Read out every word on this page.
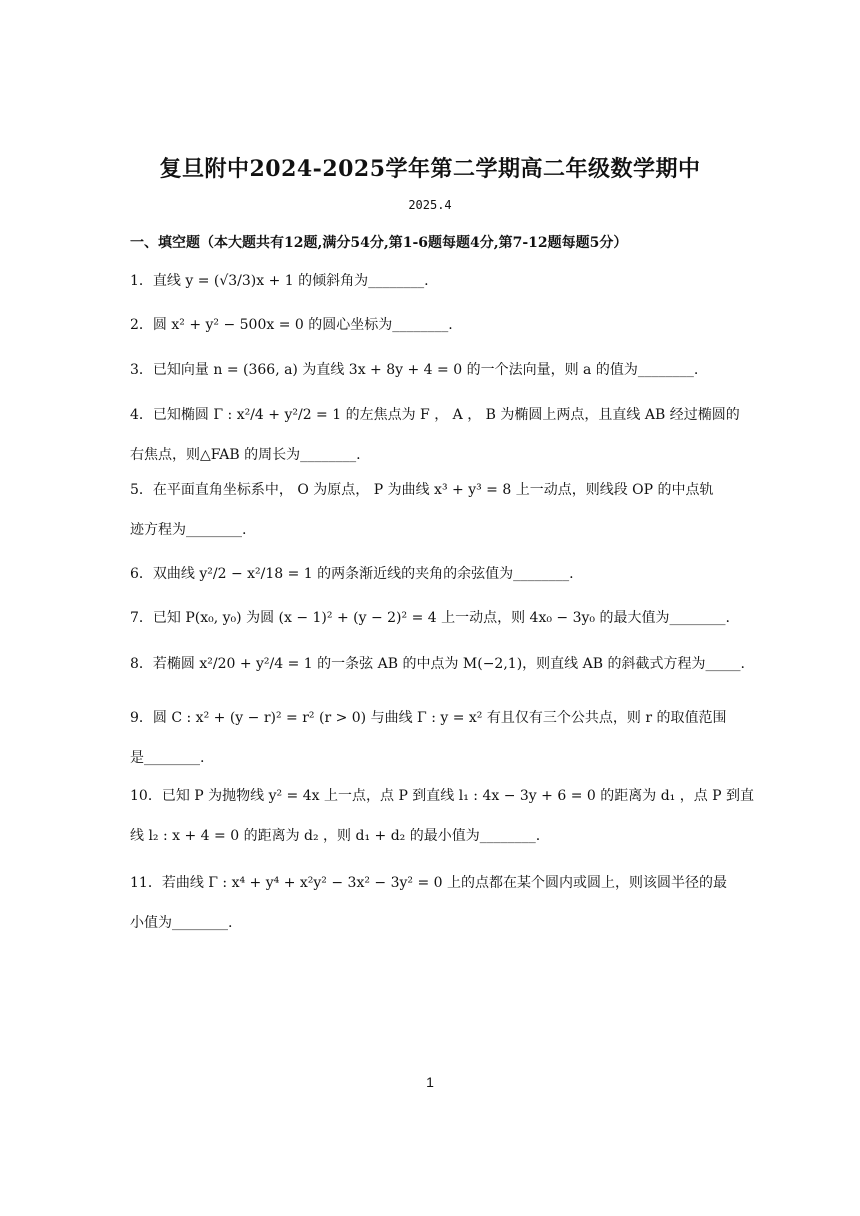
复旦附中2024-2025学年第二学期高二年级数学期中
2025.4
一、填空题（本大题共有12题,满分54分,第1-6题每题4分,第7-12题每题5分）
1．直线 y = (√3/3)x + 1 的倾斜角为________.
2．圆 x² + y² − 500x = 0 的圆心坐标为________.
3．已知向量 n = (366, a) 为直线 3x + 8y + 4 = 0 的一个法向量，则 a 的值为________.
4．已知椭圆 Γ : x²/4 + y²/2 = 1 的左焦点为 F ， A ， B 为椭圆上两点，且直线 AB 经过椭圆的
右焦点，则△FAB 的周长为________.
5．在平面直角坐标系中， O 为原点， P 为曲线 x³ + y³ = 8 上一动点，则线段 OP 的中点轨
迹方程为________.
6．双曲线 y²/2 − x²/18 = 1 的两条渐近线的夹角的余弦值为________.
7．已知 P(x₀, y₀) 为圆 (x − 1)² + (y − 2)² = 4 上一动点，则 4x₀ − 3y₀ 的最大值为________.
8．若椭圆 x²/20 + y²/4 = 1 的一条弦 AB 的中点为 M(−2,1)，则直线 AB 的斜截式方程为_____.
9．圆 C : x² + (y − r)² = r² (r > 0) 与曲线 Γ : y = x² 有且仅有三个公共点，则 r 的取值范围
是________.
10．已知 P 为抛物线 y² = 4x 上一点，点 P 到直线 l₁ : 4x − 3y + 6 = 0 的距离为 d₁ ，点 P 到直
线 l₂ : x + 4 = 0 的距离为 d₂ ，则 d₁ + d₂ 的最小值为________.
11．若曲线 Γ : x⁴ + y⁴ + x²y² − 3x² − 3y² = 0 上的点都在某个圆内或圆上，则该圆半径的最
小值为________.
1
